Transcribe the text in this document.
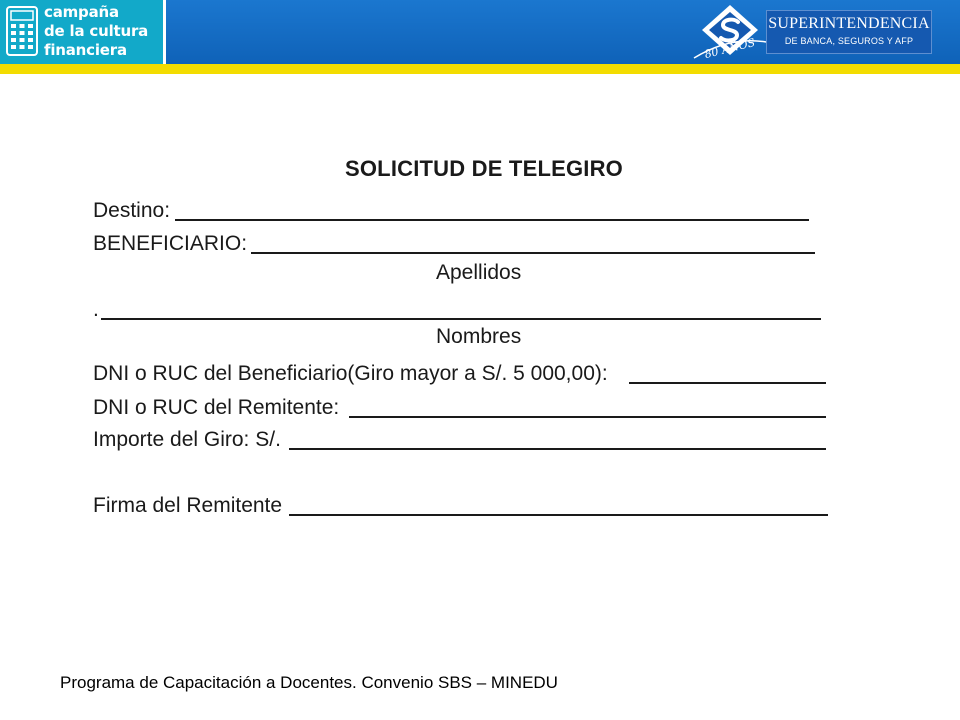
campaña
de la cultura
financiera	80 AÑOS
SUPERINTENDENCIA
DE BANCA, SEGUROS Y AFP
SOLICITUD DE TELEGIRO
Destino:
BENEFICIARIO:
Apellidos
.
Nombres
DNI o RUC del Beneficiario(Giro mayor a S/. 5 000,00):
DNI o RUC del Remitente:
Importe del Giro: S/.
Firma del Remitente
Programa de Capacitación a Docentes. Convenio SBS – MINEDU
